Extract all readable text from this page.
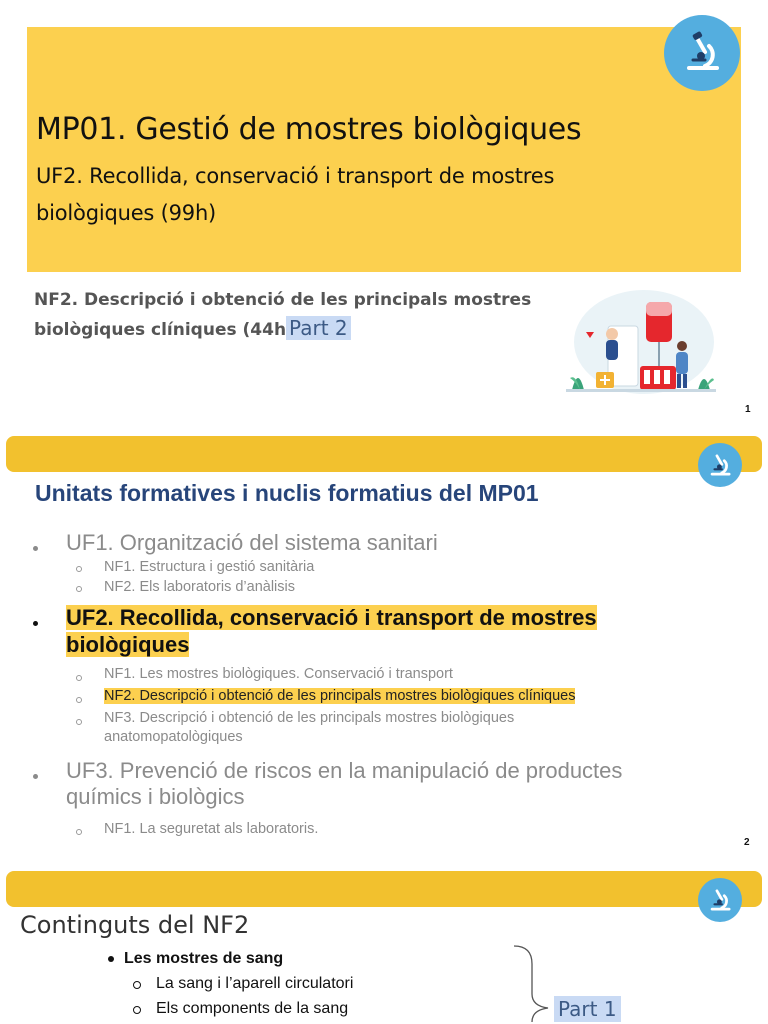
MP01. Gestió de mostres biològiques
UF2. Recollida, conservació i transport de mostres
biològiques (99h)
NF2. Descripció i obtenció de les principals mostres
biològiques clíniques (44h Part 2
1
Unitats formatives i nuclis formatius del MP01
UF1. Organització del sistema sanitari
NF1. Estructura i gestió sanitària
NF2. Els laboratoris d’anàlisis
UF2. Recollida, conservació i transport de mostres
biològiques
NF1. Les mostres biològiques. Conservació i transport
NF2. Descripció i obtenció de les principals mostres biològiques clíniques
NF3. Descripció i obtenció de les principals mostres biològiques
anatomopatològiques
UF3. Prevenció de riscos en la manipulació de productes
químics i biològics
NF1. La seguretat als laboratoris.
2
Continguts del NF2
Les mostres de sang
La sang i l’aparell circulatori
Els components de la sang	Part 1
